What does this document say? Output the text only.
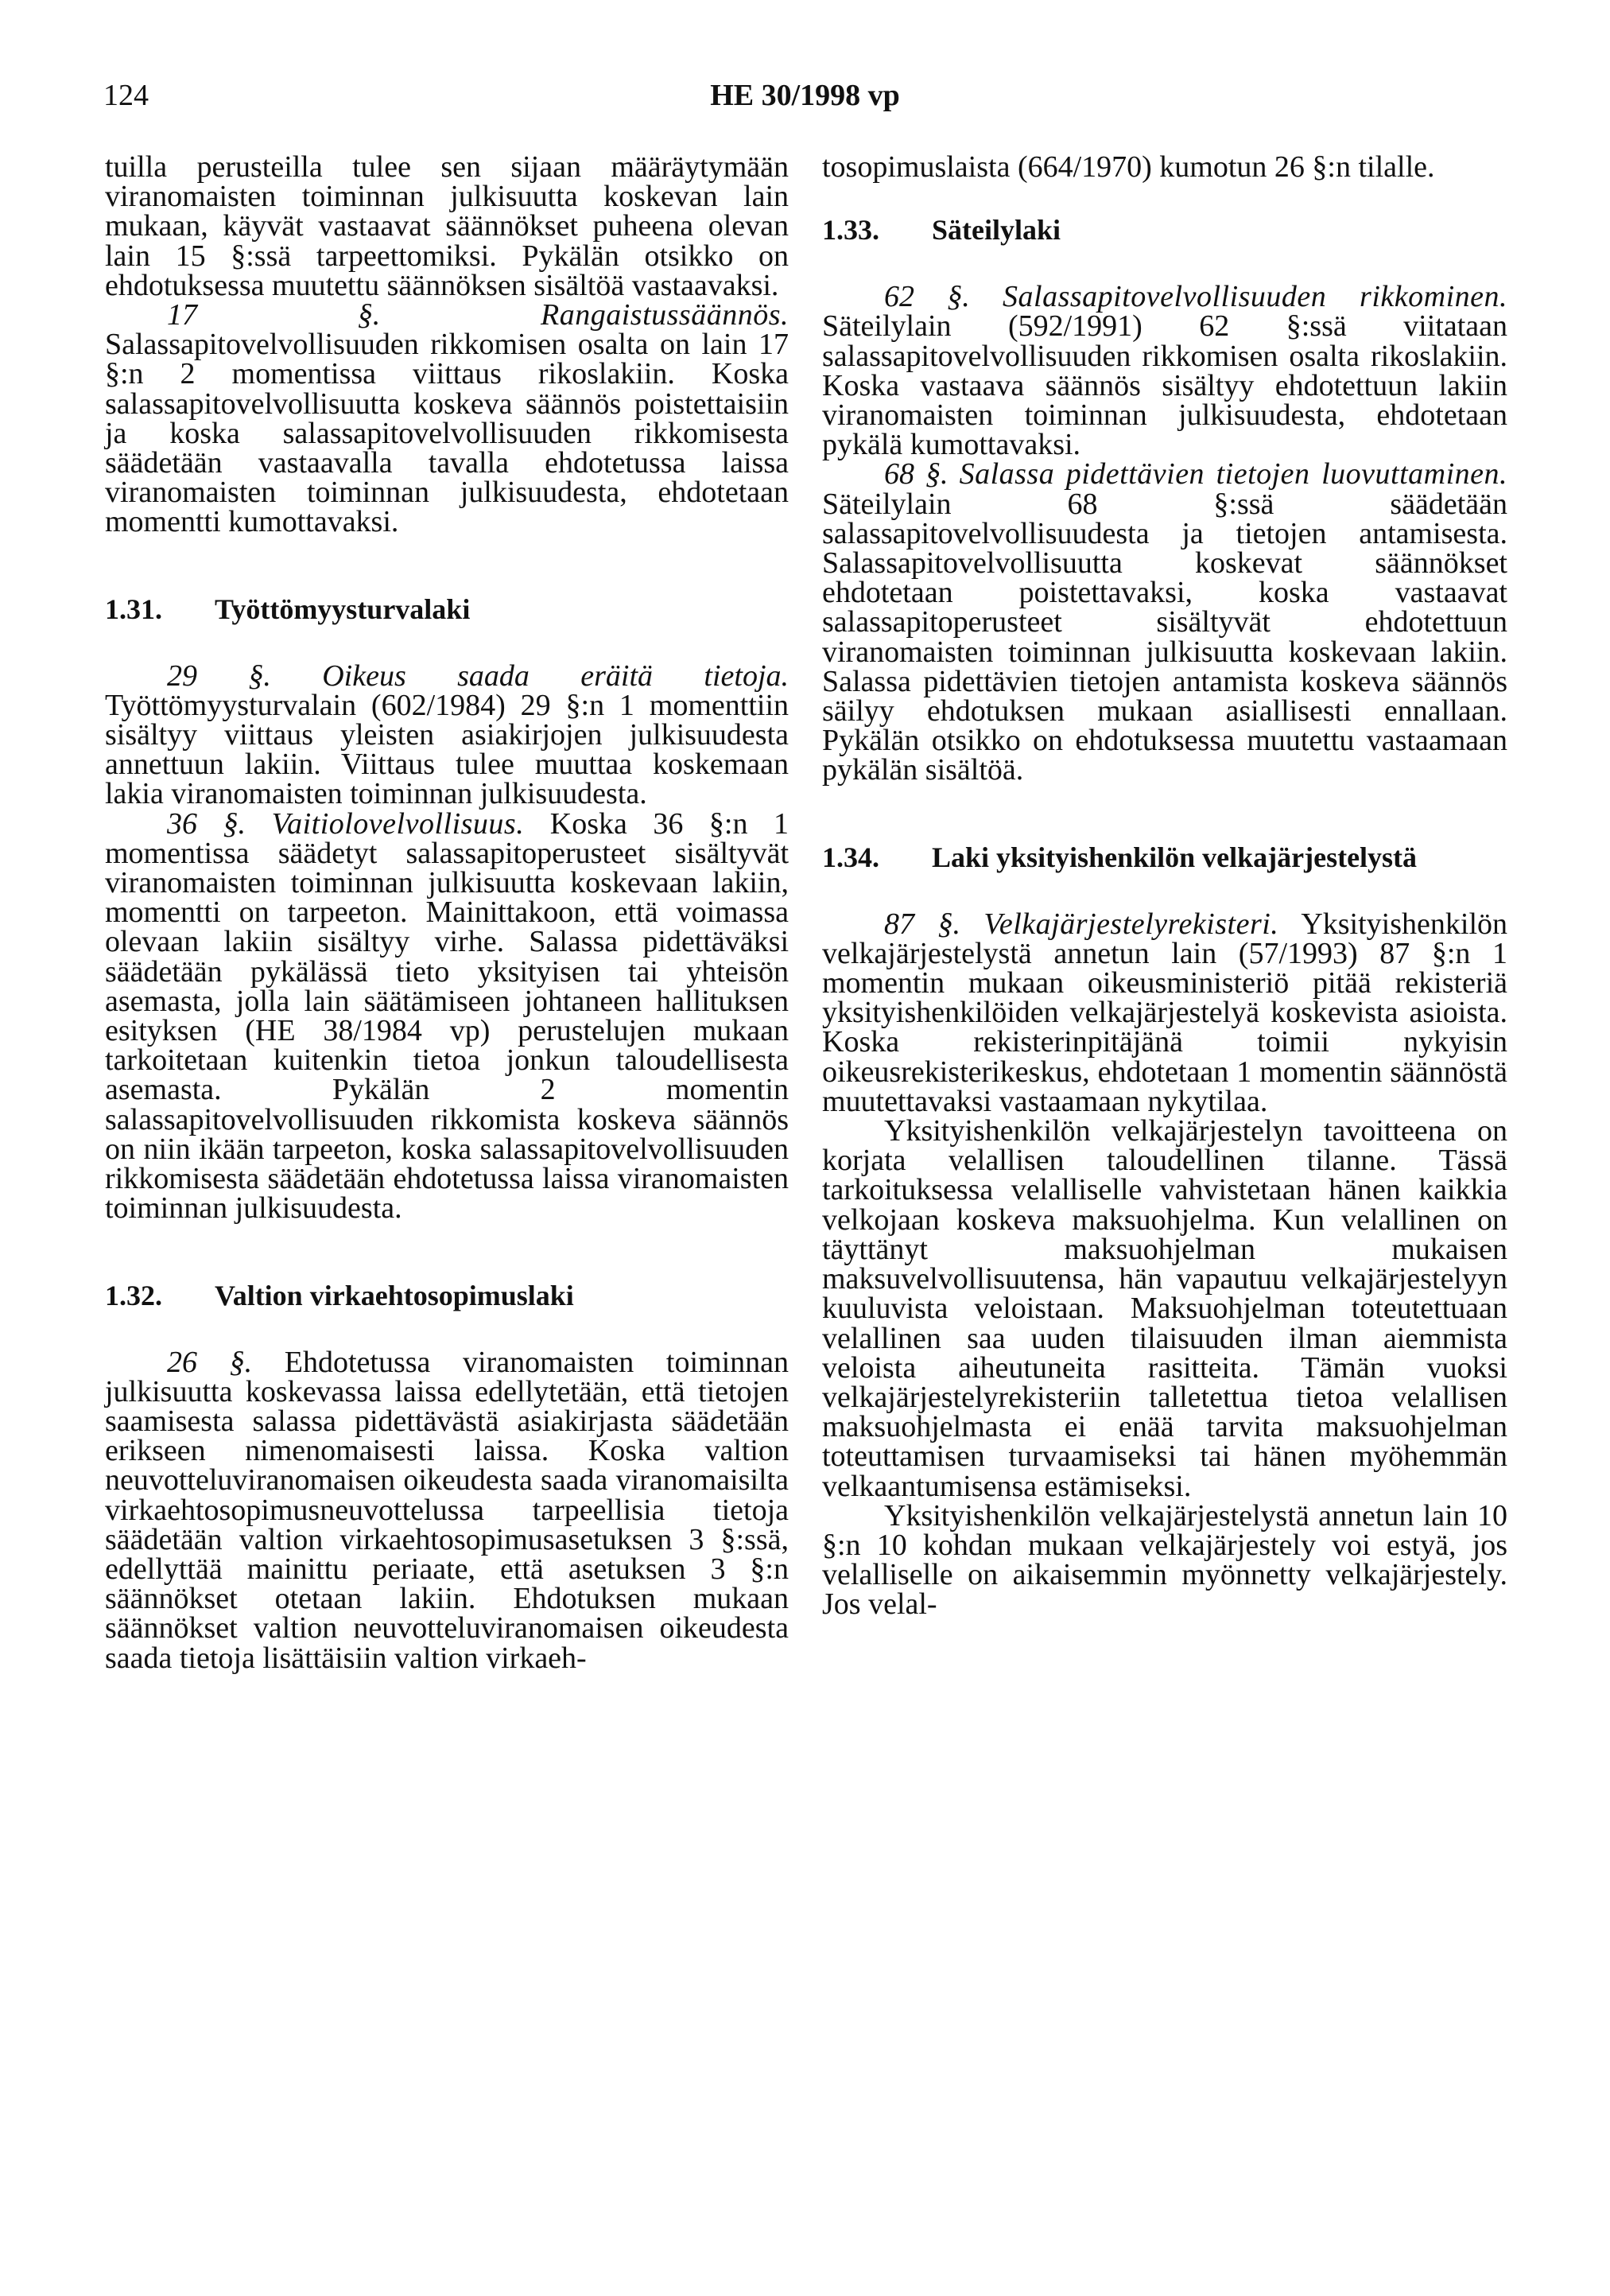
124	HE 30/1998 vp

tuilla perusteilla tulee sen sijaan määräytymään viranomaisten toiminnan julkisuutta koskevan lain mukaan, käyvät vastaavat säännökset puheena olevan lain 15 §:ssä tarpeettomiksi. Pykälän otsikko on ehdotuksessa muutettu säännöksen sisältöä vastaavaksi.

17 §. Rangaistussäännös. Salassapitovelvollisuuden rikkomisen osalta on lain 17 §:n 2 momentissa viittaus rikoslakiin. Koska salassapitovelvollisuutta koskeva säännös poistettaisiin ja koska salassapitovelvollisuuden rikkomisesta säädetään vastaavalla tavalla ehdotetussa laissa viranomaisten toiminnan julkisuudesta, ehdotetaan momentti kumottavaksi.

1.31.	Työttömyysturvalaki

29 §. Oikeus saada eräitä tietoja. Työttömyysturvalain (602/1984) 29 §:n 1 momenttiin sisältyy viittaus yleisten asiakirjojen julkisuudesta annettuun lakiin. Viittaus tulee muuttaa koskemaan lakia viranomaisten toiminnan julkisuudesta.

36 §. Vaitiolovelvollisuus. Koska 36 §:n 1 momentissa säädetyt salassapitoperusteet sisältyvät viranomaisten toiminnan julkisuutta koskevaan lakiin, momentti on tarpeeton. Mainittakoon, että voimassa olevaan lakiin sisältyy virhe. Salassa pidettäväksi säädetään pykälässä tieto yksityisen tai yhteisön asemasta, jolla lain säätämiseen johtaneen hallituksen esityksen (HE 38/1984 vp) perustelujen mukaan tarkoitetaan kuitenkin tietoa jonkun taloudellisesta asemasta. Pykälän 2 momentin salassapitovelvollisuuden rikkomista koskeva säännös on niin ikään tarpeeton, koska salassapitovelvollisuuden rikkomisesta säädetään ehdotetussa laissa viranomaisten toiminnan julkisuudesta.

1.32.	Valtion virkaehtosopimuslaki

26 §. Ehdotetussa viranomaisten toiminnan julkisuutta koskevassa laissa edellytetään, että tietojen saamisesta salassa pidettävästä asiakirjasta säädetään erikseen nimenomaisesti laissa. Koska valtion neuvotteluviranomaisen oikeudesta saada viranomaisilta virkaehtosopimusneuvottelussa tarpeellisia tietoja säädetään valtion virkaehtosopimusasetuksen 3 §:ssä, edellyttää mainittu periaate, että asetuksen 3 §:n säännökset otetaan lakiin. Ehdotuksen mukaan säännökset valtion neuvotteluviranomaisen oikeudesta saada tietoja lisättäisiin valtion virkaeh-

tosopimuslaista (664/1970) kumotun 26 §:n tilalle.

1.33.	Säteilylaki

62 §. Salassapitovelvollisuuden rikkominen. Säteilylain (592/1991) 62 §:ssä viitataan salassapitovelvollisuuden rikkomisen osalta rikoslakiin. Koska vastaava säännös sisältyy ehdotettuun lakiin viranomaisten toiminnan julkisuudesta, ehdotetaan pykälä kumottavaksi.

68 §. Salassa pidettävien tietojen luovuttaminen. Säteilylain 68 §:ssä säädetään salassapitovelvollisuudesta ja tietojen antamisesta. Salassapitovelvollisuutta koskevat säännökset ehdotetaan poistettavaksi, koska vastaavat salassapitoperusteet sisältyvät ehdotettuun viranomaisten toiminnan julkisuutta koskevaan lakiin. Salassa pidettävien tietojen antamista koskeva säännös säilyy ehdotuksen mukaan asiallisesti ennallaan. Pykälän otsikko on ehdotuksessa muutettu vastaamaan pykälän sisältöä.

1.34.	Laki yksityishenkilön velkajärjestelystä

87 §. Velkajärjestelyrekisteri. Yksityishenkilön velkajärjestelystä annetun lain (57/1993) 87 §:n 1 momentin mukaan oikeusministeriö pitää rekisteriä yksityishenkilöiden velkajärjestelyä koskevista asioista. Koska rekisterinpitäjänä toimii nykyisin oikeusrekisterikeskus, ehdotetaan 1 momentin säännöstä muutettavaksi vastaamaan nykytilaa.

Yksityishenkilön velkajärjestelyn tavoitteena on korjata velallisen taloudellinen tilanne. Tässä tarkoituksessa velalliselle vahvistetaan hänen kaikkia velkojaan koskeva maksuohjelma. Kun velallinen on täyttänyt maksuohjelman mukaisen maksuvelvollisuutensa, hän vapautuu velkajärjestelyyn kuuluvista veloistaan. Maksuohjelman toteutettuaan velallinen saa uuden tilaisuuden ilman aiemmista veloista aiheutuneita rasitteita. Tämän vuoksi velkajärjestelyrekisteriin talletettua tietoa velallisen maksuohjelmasta ei enää tarvita maksuohjelman toteuttamisen turvaamiseksi tai hänen myöhemmän velkaantumisensa estämiseksi.

Yksityishenkilön velkajärjestelystä annetun lain 10 §:n 10 kohdan mukaan velkajärjestely voi estyä, jos velalliselle on aikaisemmin myönnetty velkajärjestely. Jos velal-
